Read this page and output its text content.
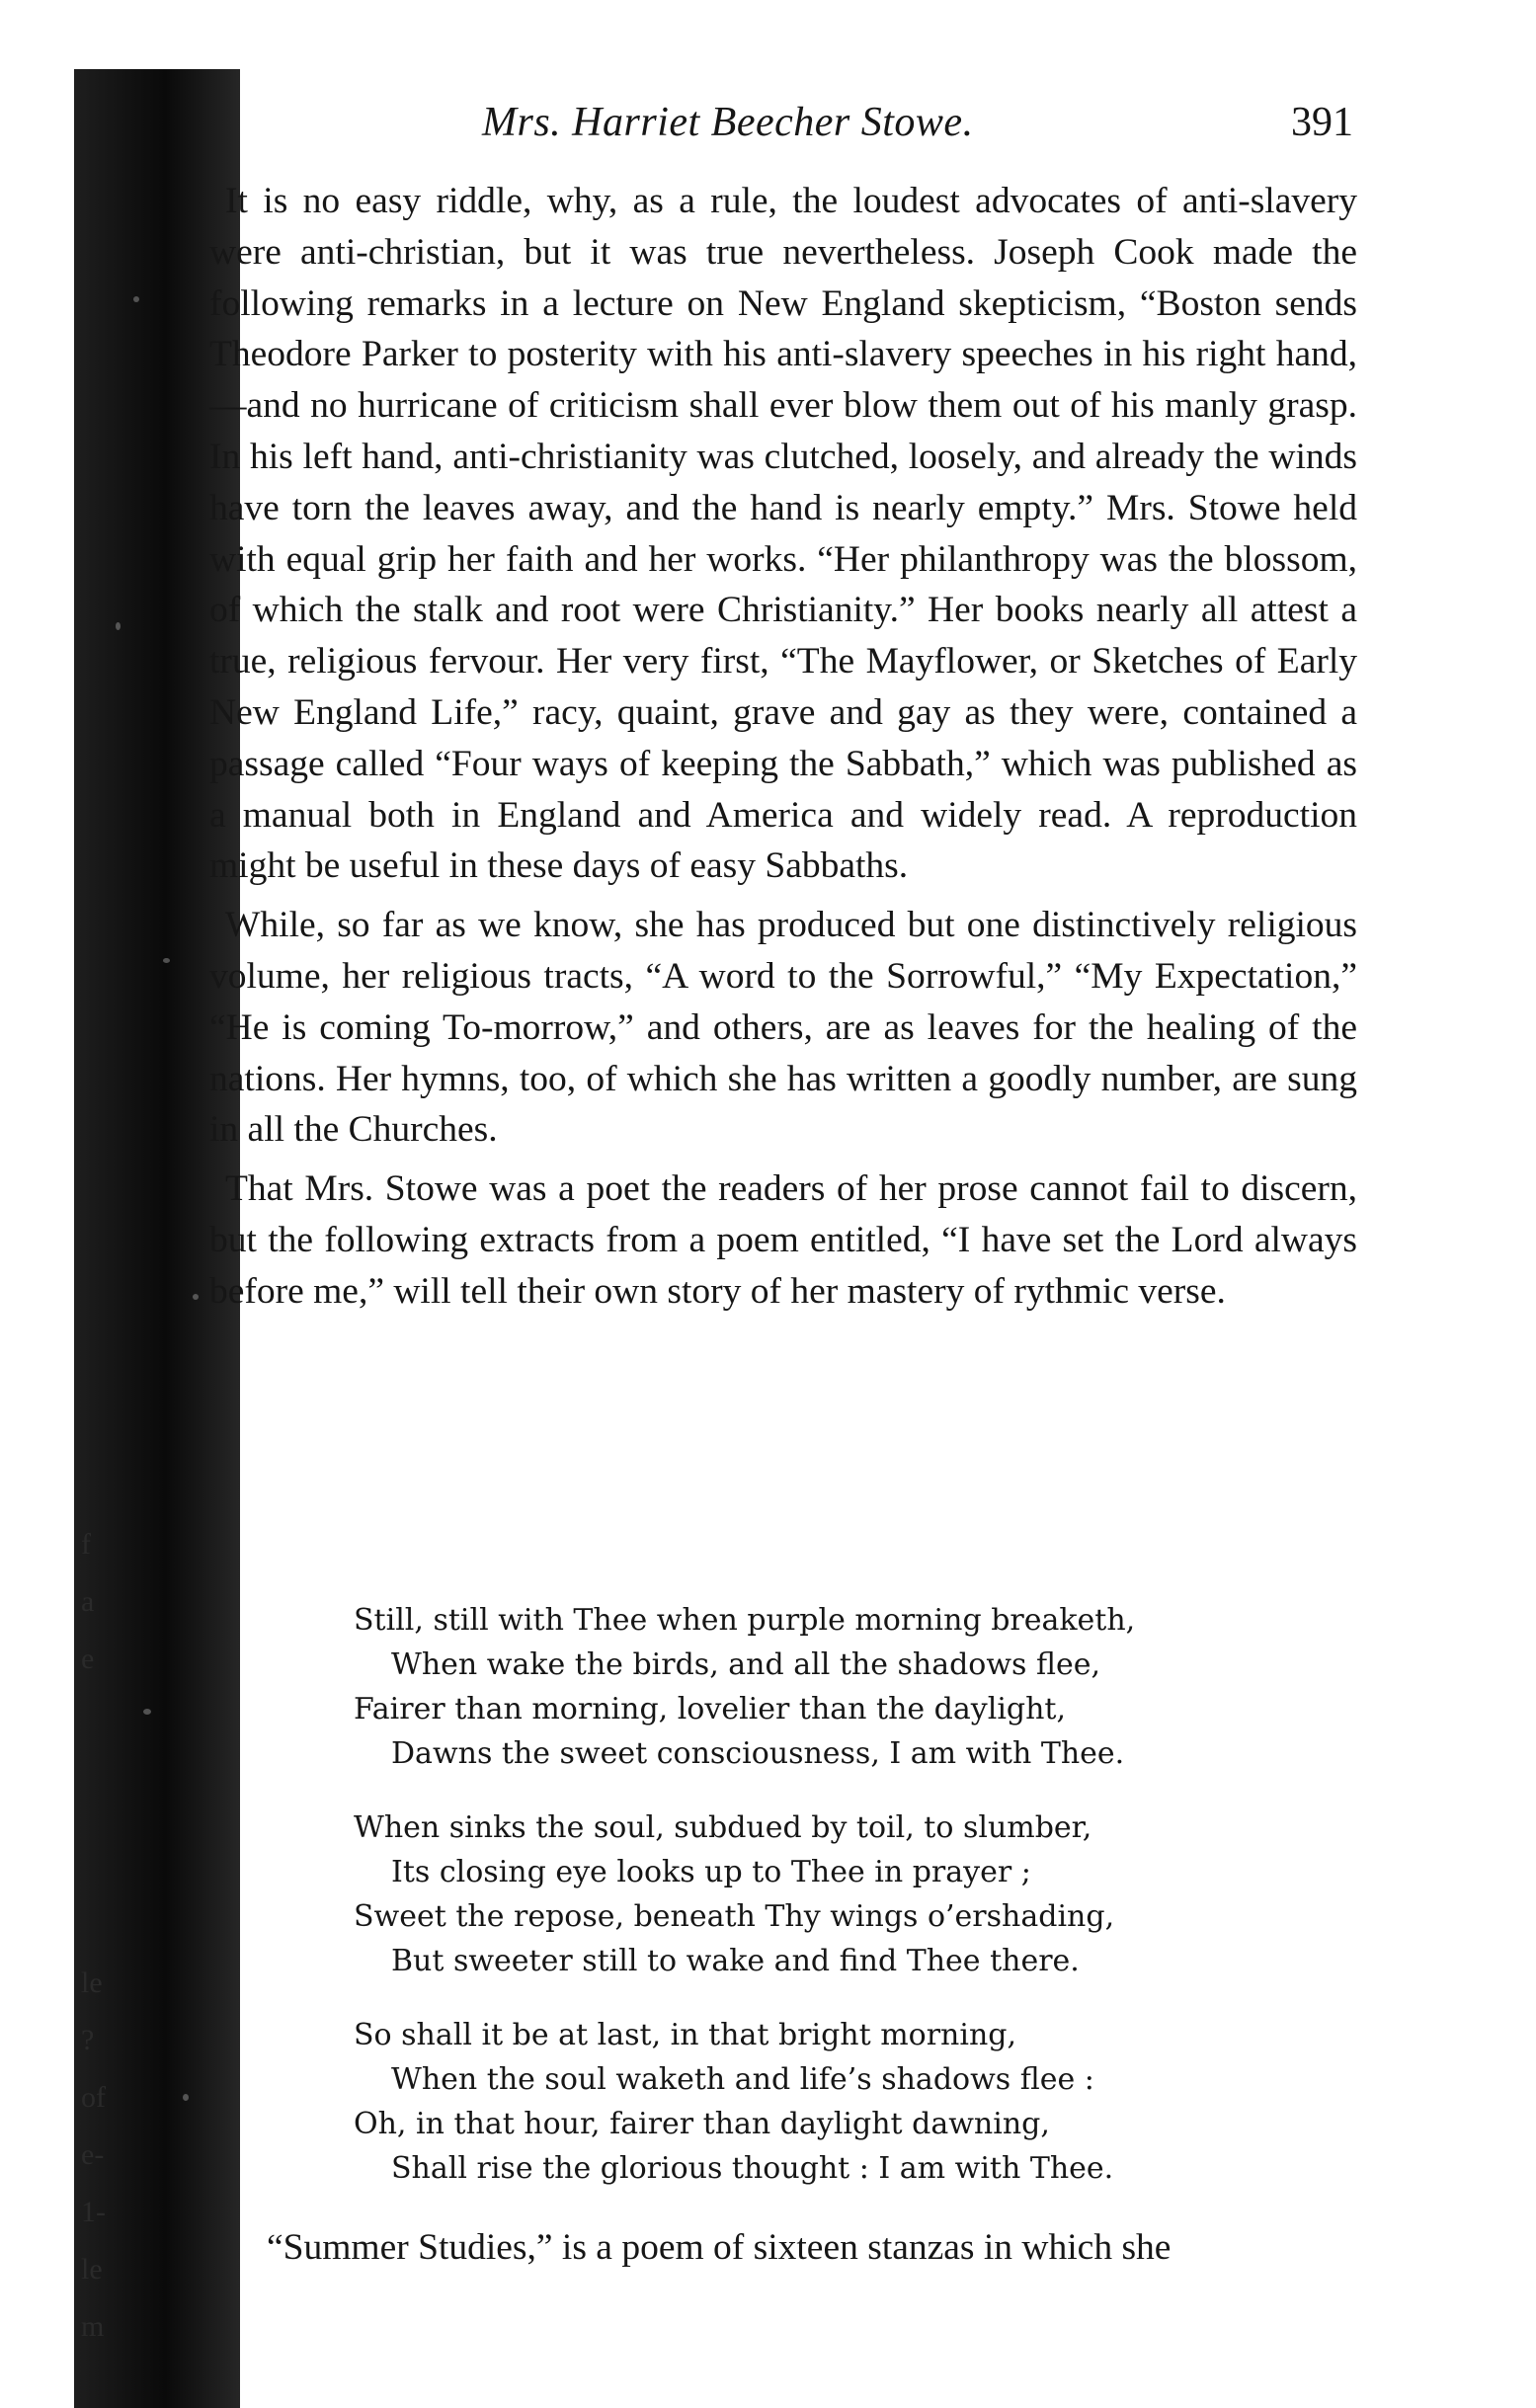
f
a
e
le
?
of
e-
1-
le
m
Mrs. Harriet Beecher Stowe.	391

It is no easy riddle, why, as a rule, the loudest advocates of anti-slavery were anti-christian, but it was true nevertheless. Joseph Cook made the following remarks in a lecture on New England skepticism, “Boston sends Theodore Parker to posterity with his anti-slavery speeches in his right hand,—and no hurricane of criticism shall ever blow them out of his manly grasp. In his left hand, anti-christianity was clutched, loosely, and already the winds have torn the leaves away, and the hand is nearly empty.” Mrs. Stowe held with equal grip her faith and her works. “Her philanthropy was the blossom, of which the stalk and root were Christianity.” Her books nearly all attest a true, religious fervour. Her very first, “The Mayflower, or Sketches of Early New England Life,” racy, quaint, grave and gay as they were, contained a passage called “Four ways of keeping the Sabbath,” which was published as a manual both in England and America and widely read. A reproduction might be useful in these days of easy Sabbaths.

While, so far as we know, she has produced but one distinctively religious volume, her religious tracts, “A word to the Sorrowful,” “My Expectation,” “He is coming To-morrow,” and others, are as leaves for the healing of the nations. Her hymns, too, of which she has written a goodly number, are sung in all the Churches.

That Mrs. Stowe was a poet the readers of her prose cannot fail to discern, but the following extracts from a poem entitled, “I have set the Lord always before me,” will tell their own story of her mastery of rythmic verse.

Still, still with Thee when purple morning breaketh,
When wake the birds, and all the shadows flee,
Fairer than morning, lovelier than the daylight,
Dawns the sweet consciousness, I am with Thee.
When sinks the soul, subdued by toil, to slumber,
Its closing eye looks up to Thee in prayer ;
Sweet the repose, beneath Thy wings o’ershading,
But sweeter still to wake and find Thee there.
So shall it be at last, in that bright morning,
When the soul waketh and life’s shadows flee :
Oh, in that hour, fairer than daylight dawning,
Shall rise the glorious thought : I am with Thee.
“Summer Studies,” is a poem of sixteen stanzas in which she
